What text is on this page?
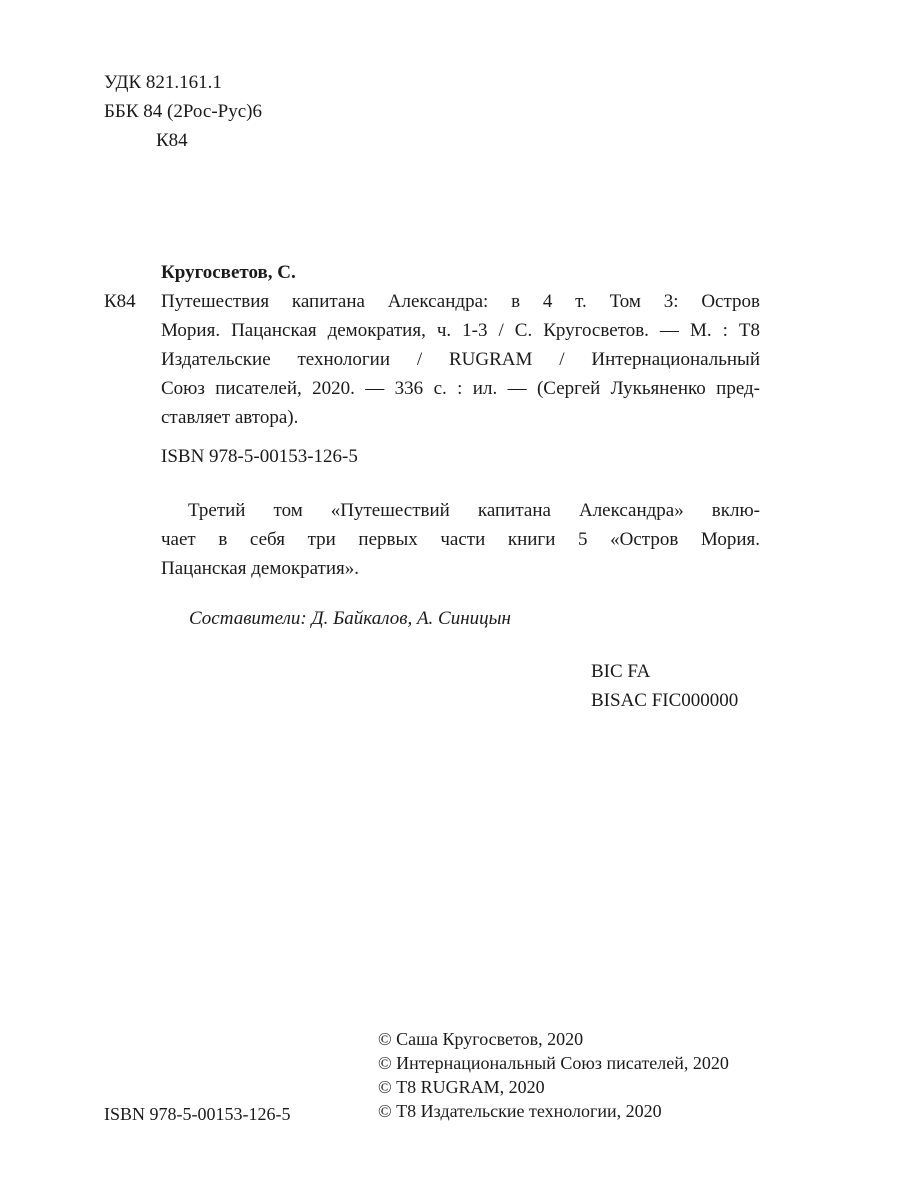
УДК 821.161.1
ББК 84 (2Рос-Рус)6
К84
Кругосветов, С.
К84 Путешествия капитана Александра: в 4 т. Том 3: Остров
Мория. Пацанская демократия, ч. 1-3 / С. Кругосветов. — М. : Т8
Издательские технологии / RUGRAM / Интернациональный
Союз писателей, 2020. — 336 с. : ил. — (Сергей Лукьяненко пред-
ставляет автора).
ISBN 978-5-00153-126-5
Третий том «Путешествий капитана Александра» вклю-
чает в себя три первых части книги 5 «Остров Мория.
Пацанская демократия».
Составители: Д. Байкалов, А. Синицын
BIC FA
BISAC FIC000000
ISBN 978-5-00153-126-5
© Саша Кругосветов, 2020
© Интернациональный Союз писателей, 2020
© Т8 RUGRAM, 2020
© Т8 Издательские технологии, 2020
